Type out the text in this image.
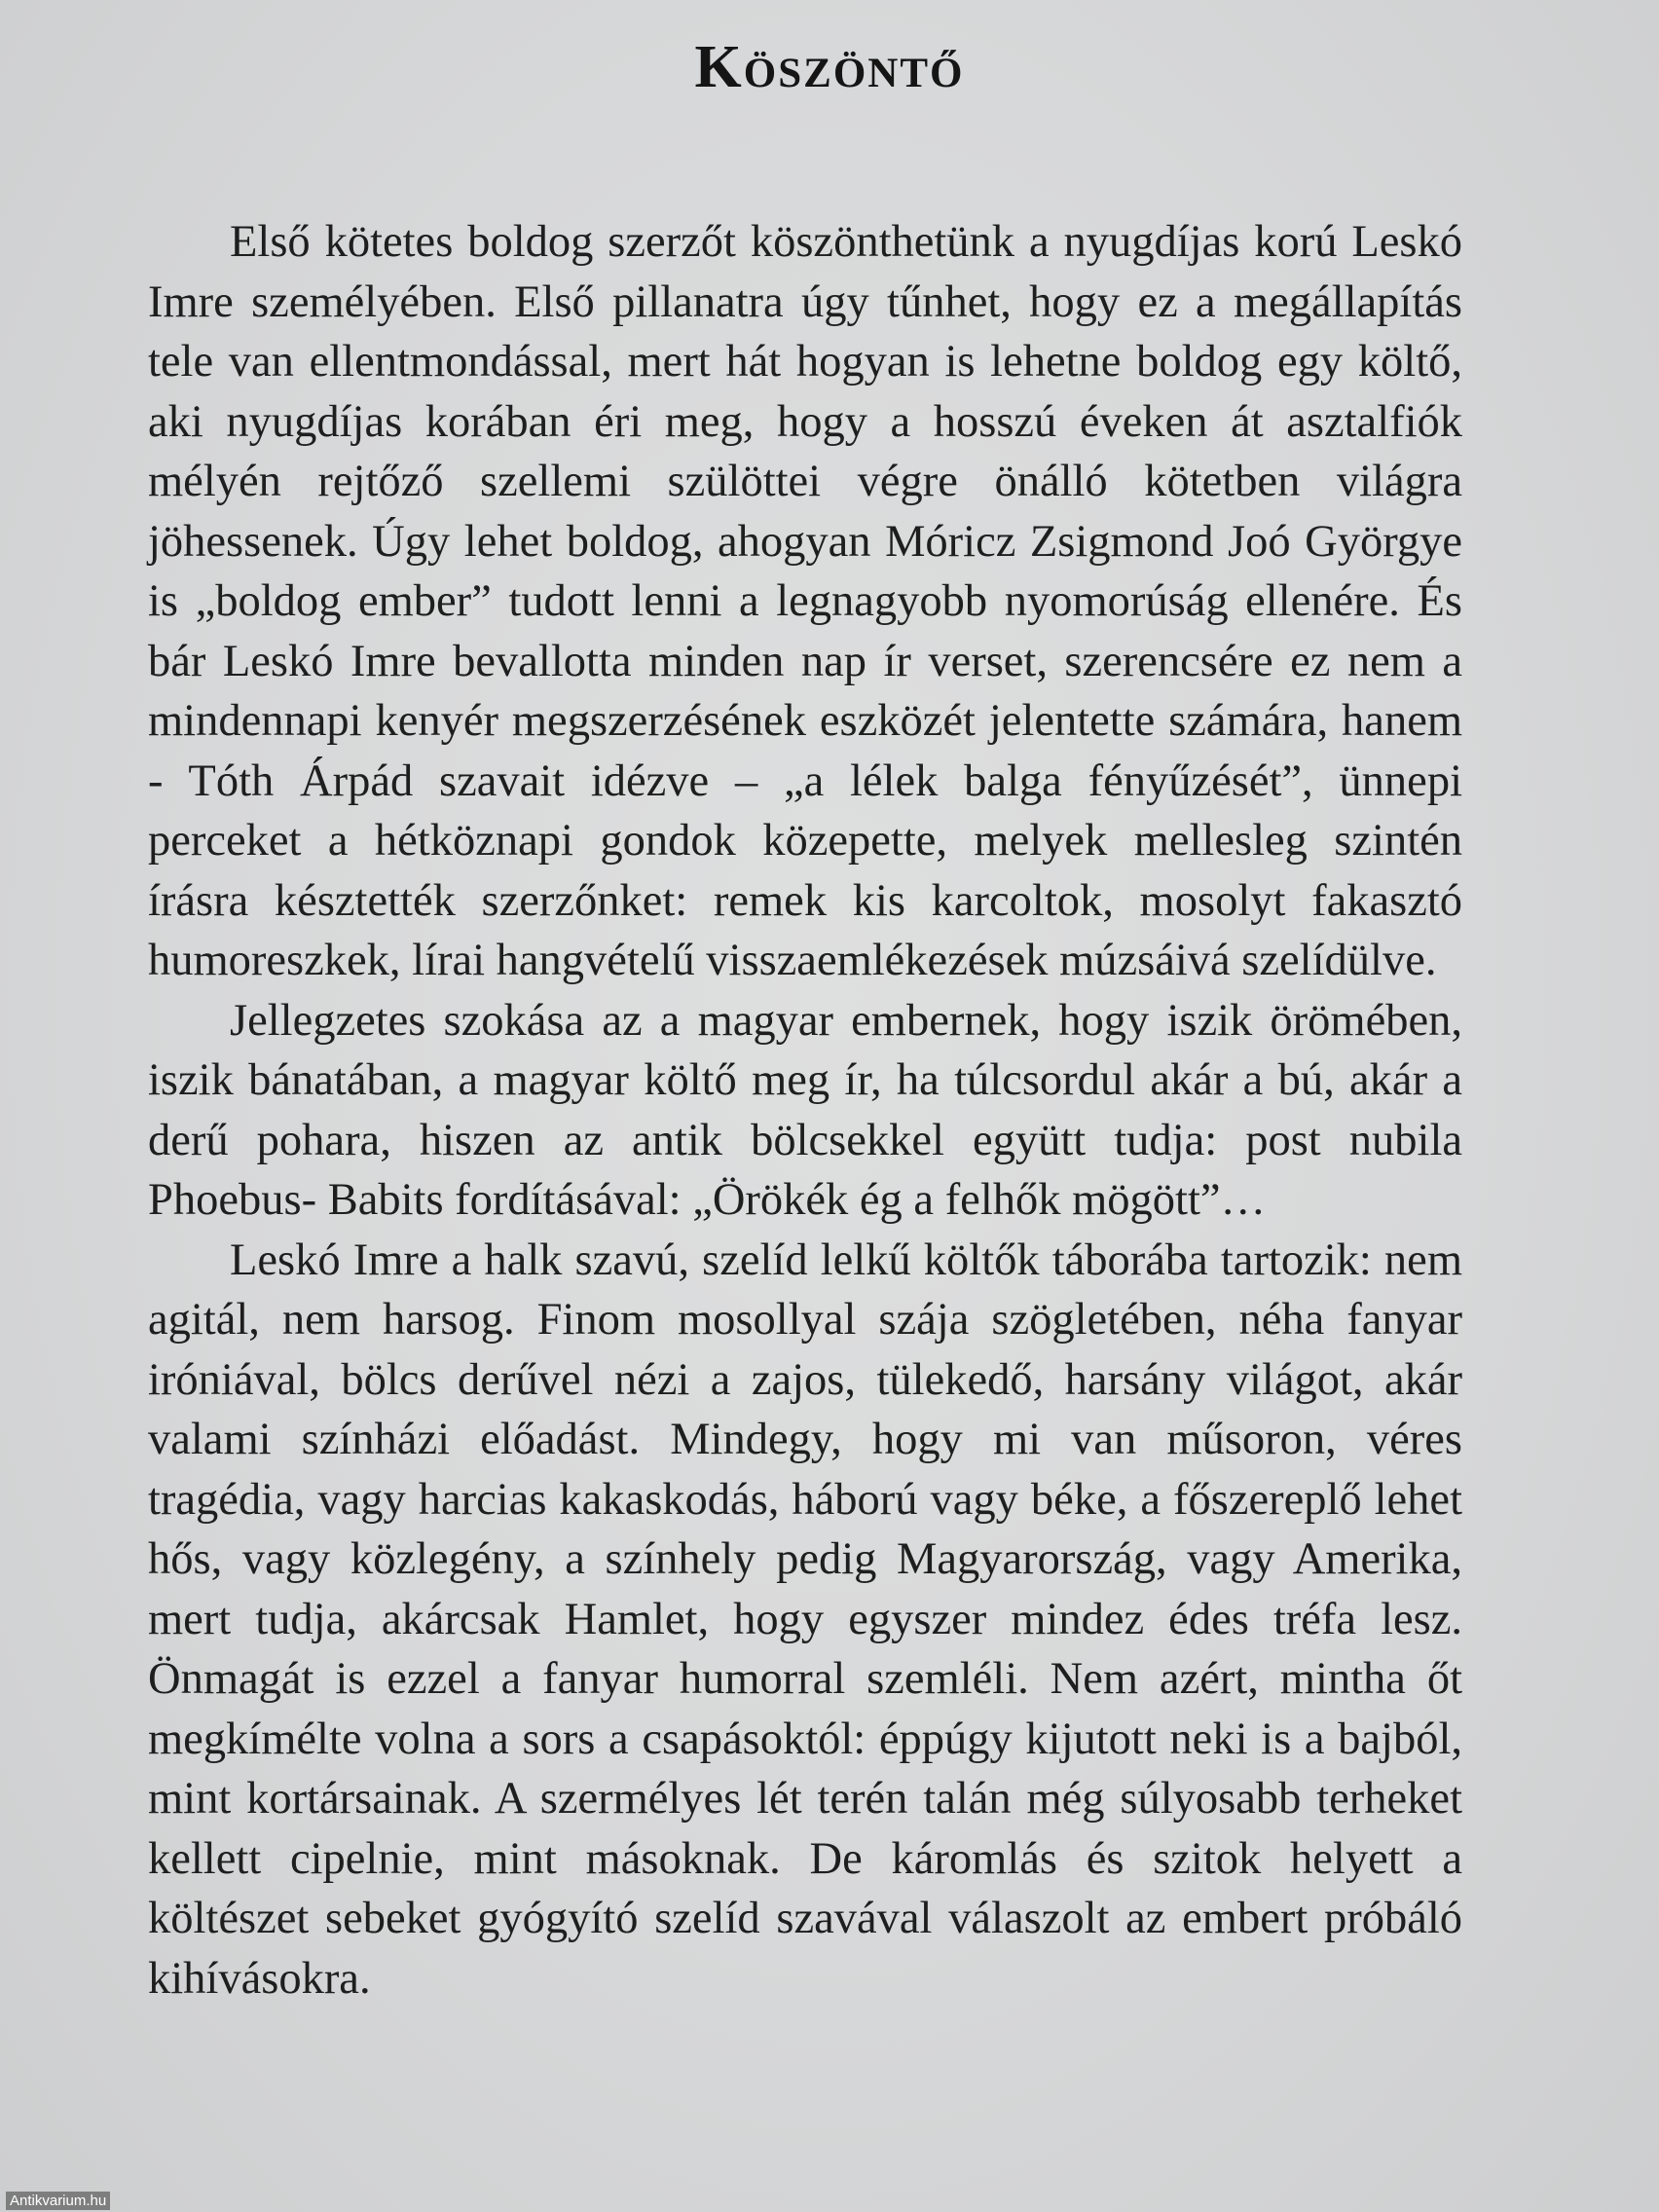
Köszöntő

Első kötetes boldog szerzőt köszönthetünk a nyugdíjas korú Leskó Imre személyében. Első pillanatra úgy tűnhet, hogy ez a megállapítás tele van ellentmondással, mert hát hogyan is lehetne boldog egy költő, aki nyugdíjas korában éri meg, hogy a hosszú éveken át asztalfiók mélyén rejtőző szellemi szülöttei végre önálló kötetben világra jöhessenek. Úgy lehet boldog, ahogyan Móricz Zsigmond Joó Györgye is „boldog ember” tudott lenni a legnagyobb nyomorúság ellenére. És bár Leskó Imre bevallotta minden nap ír verset, szerencsére ez nem a mindennapi kenyér megszerzésének eszközét jelentette számára, hanem - Tóth Árpád szavait idézve – „a lélek balga fényűzését”, ünnepi perceket a hétköznapi gondok közepette, melyek mellesleg szintén írásra késztették szerzőnket: remek kis karcoltok, mosolyt fakasztó humoreszkek, lírai hangvételű visszaemlékezések múzsáivá szelídülve.

Jellegzetes szokása az a magyar embernek, hogy iszik örömében, iszik bánatában, a magyar költő meg ír, ha túlcsordul akár a bú, akár a derű pohara, hiszen az antik bölcsekkel együtt tudja: post nubila Phoebus- Babits fordításával: „Örökék ég a felhők mögött”…

Leskó Imre a halk szavú, szelíd lelkű költők táborába tartozik: nem agitál, nem harsog. Finom mosollyal szája szögletében, néha fanyar iróniával, bölcs derűvel nézi a zajos, tülekedő, harsány világot, akár valami színházi előadást. Mindegy, hogy mi van műsoron, véres tragédia, vagy harcias kakaskodás, háború vagy béke, a főszereplő lehet hős, vagy közlegény, a színhely pedig Magyarország, vagy Amerika, mert tudja, akárcsak Hamlet, hogy egyszer mindez édes tréfa lesz. Önmagát is ezzel a fanyar humorral szemléli. Nem azért, mintha őt megkímélte volna a sors a csapásoktól: éppúgy kijutott neki is a bajból, mint kortársainak. A szermélyes lét terén talán még súlyosabb terheket kellett cipelnie, mint másoknak. De káromlás és szitok helyett a költészet sebeket gyógyító szelíd szavával válaszolt az embert próbáló kihívásokra.

Antikvarium.hu
